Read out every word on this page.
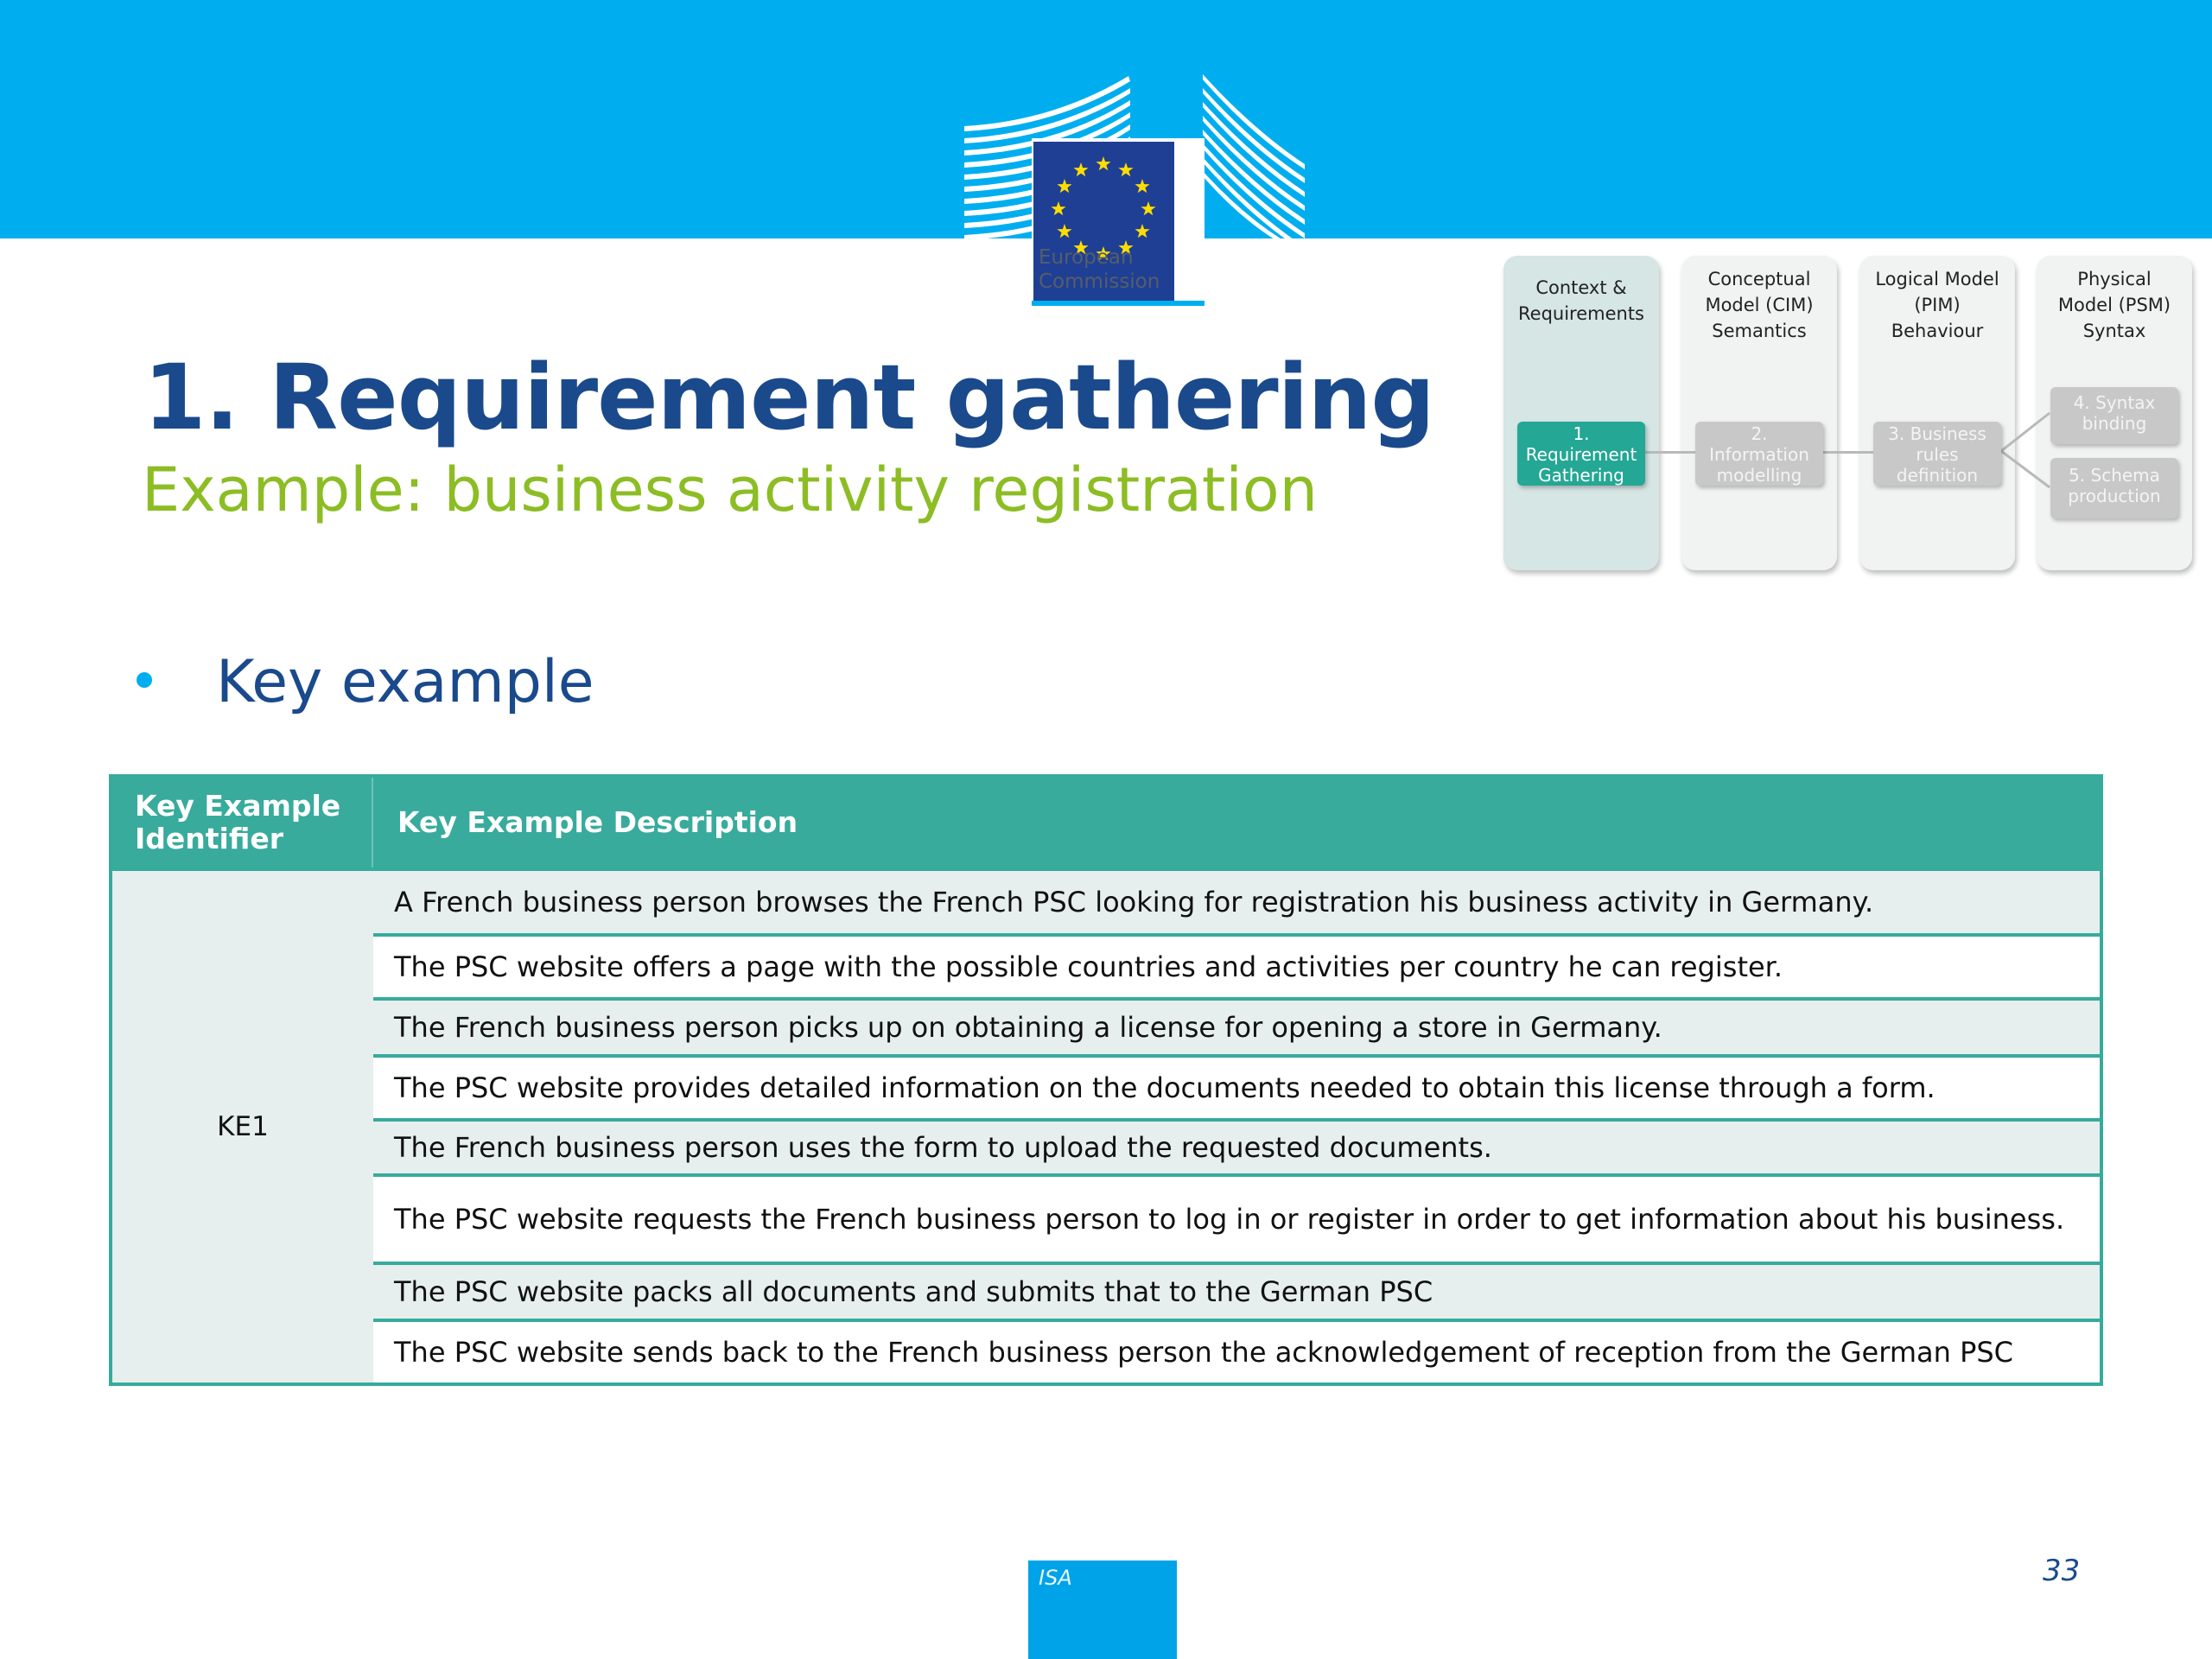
European Commission
1. Requirement gathering
Example: business activity registration
Context &
Requirements
Conceptual
Model (CIM)
Semantics
Logical Model
(PIM)
Behaviour
Physical
Model (PSM)
Syntax
1.
Requirement
Gathering
2.
Information
modelling
3. Business
rules
definition
4. Syntax
binding
5. Schema
production
Key example
Key Example Identifier	Key Example Description
KE1
A French business person browses the French PSC looking for registration his business activity in Germany.
The PSC website offers a page with the possible countries and activities per country he can register.
The French business person picks up on obtaining a license for opening a store in Germany.
The PSC website provides detailed information on the documents needed to obtain this license through a form.
The French business person uses the form to upload the requested documents.
The PSC website requests the French business person to log in or register in order to get information about his business.
The PSC website packs all documents and submits that to the German PSC
The PSC website sends back to the French business person the acknowledgement of reception from the German PSC
ISA	33
